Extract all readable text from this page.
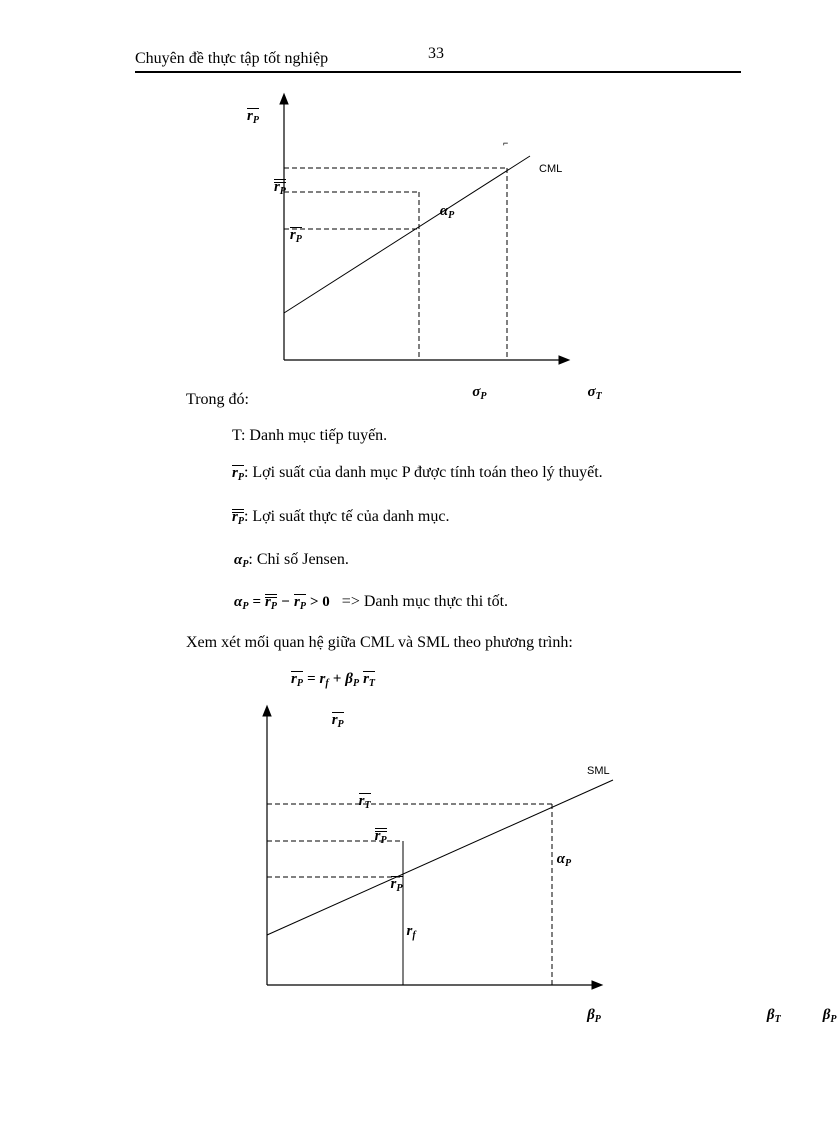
Chuyên đề thực tập tốt nghiệp	33
$r_P$
$r_P$
$r_P$ $\alpha_P$
CML
⌐
$\sigma_P$	$\sigma_T$
Trong đó:
T: Danh mục tiếp tuyến.
$r_P$: Lợi suất của danh mục P được tính toán theo lý thuyết.
$r_P$: Lợi suất thực tế của danh mục.
$\alpha_P$: Chỉ số Jensen.
$\alpha_P = r_P - r_P > 0$ => Danh mục thực thi tốt.
Xem xét mối quan hệ giữa CML và SML theo phương trình:
$r_P = r_f + \beta_P$ $r_T$
$r_P$
SML
$r_T$
$r_P$
$r_P$ $r_f$ $\alpha_P$ $\beta_P$	$\beta_T$	$\beta_P$
